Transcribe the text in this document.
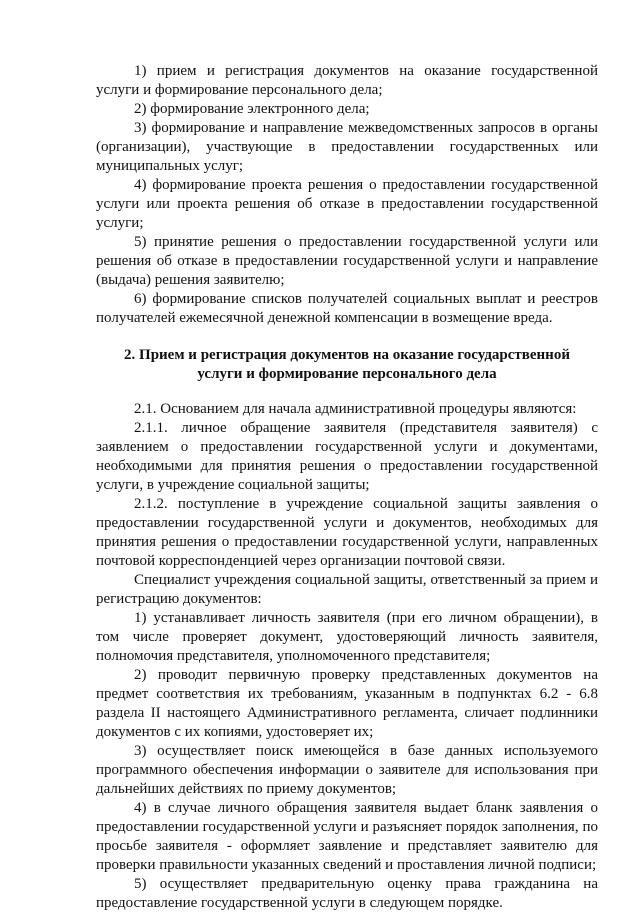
1) прием и регистрация документов на оказание государственной услуги и формирование персонального дела;

2) формирование электронного дела;

3) формирование и направление межведомственных запросов в органы (организации), участвующие в предоставлении государственных или муниципальных услуг;

4) формирование проекта решения о предоставлении государственной услуги или проекта решения об отказе в предоставлении государственной услуги;

5) принятие решения о предоставлении государственной услуги или решения об отказе в предоставлении государственной услуги и направление (выдача) решения заявителю;

6) формирование списков получателей социальных выплат и реестров получателей ежемесячной денежной компенсации в возмещение вреда.

2. Прием и регистрация документов на оказание государственной
услуги и формирование персонального дела

2.1. Основанием для начала административной процедуры являются:

2.1.1. личное обращение заявителя (представителя заявителя) с заявлением о предоставлении государственной услуги и документами, необходимыми для принятия решения о предоставлении государственной услуги, в учреждение социальной защиты;

2.1.2. поступление в учреждение социальной защиты заявления о предоставлении государственной услуги и документов, необходимых для принятия решения о предоставлении государственной услуги, направленных почтовой корреспонденцией через организации почтовой связи.

Специалист учреждения социальной защиты, ответственный за прием и регистрацию документов:

1) устанавливает личность заявителя (при его личном обращении), в том числе проверяет документ, удостоверяющий личность заявителя, полномочия представителя, уполномоченного представителя;

2) проводит первичную проверку представленных документов на предмет соответствия их требованиям, указанным в подпунктах 6.2 - 6.8 раздела II настоящего Административного регламента, сличает подлинники документов с их копиями, удостоверяет их;

3) осуществляет поиск имеющейся в базе данных используемого программного обеспечения информации о заявителе для использования при дальнейших действиях по приему документов;

4) в случае личного обращения заявителя выдает бланк заявления о предоставлении государственной услуги и разъясняет порядок заполнения, по просьбе заявителя - оформляет заявление и представляет заявителю для проверки правильности указанных сведений и проставления личной подписи;

5) осуществляет предварительную оценку права гражданина на предоставление государственной услуги в следующем порядке.
